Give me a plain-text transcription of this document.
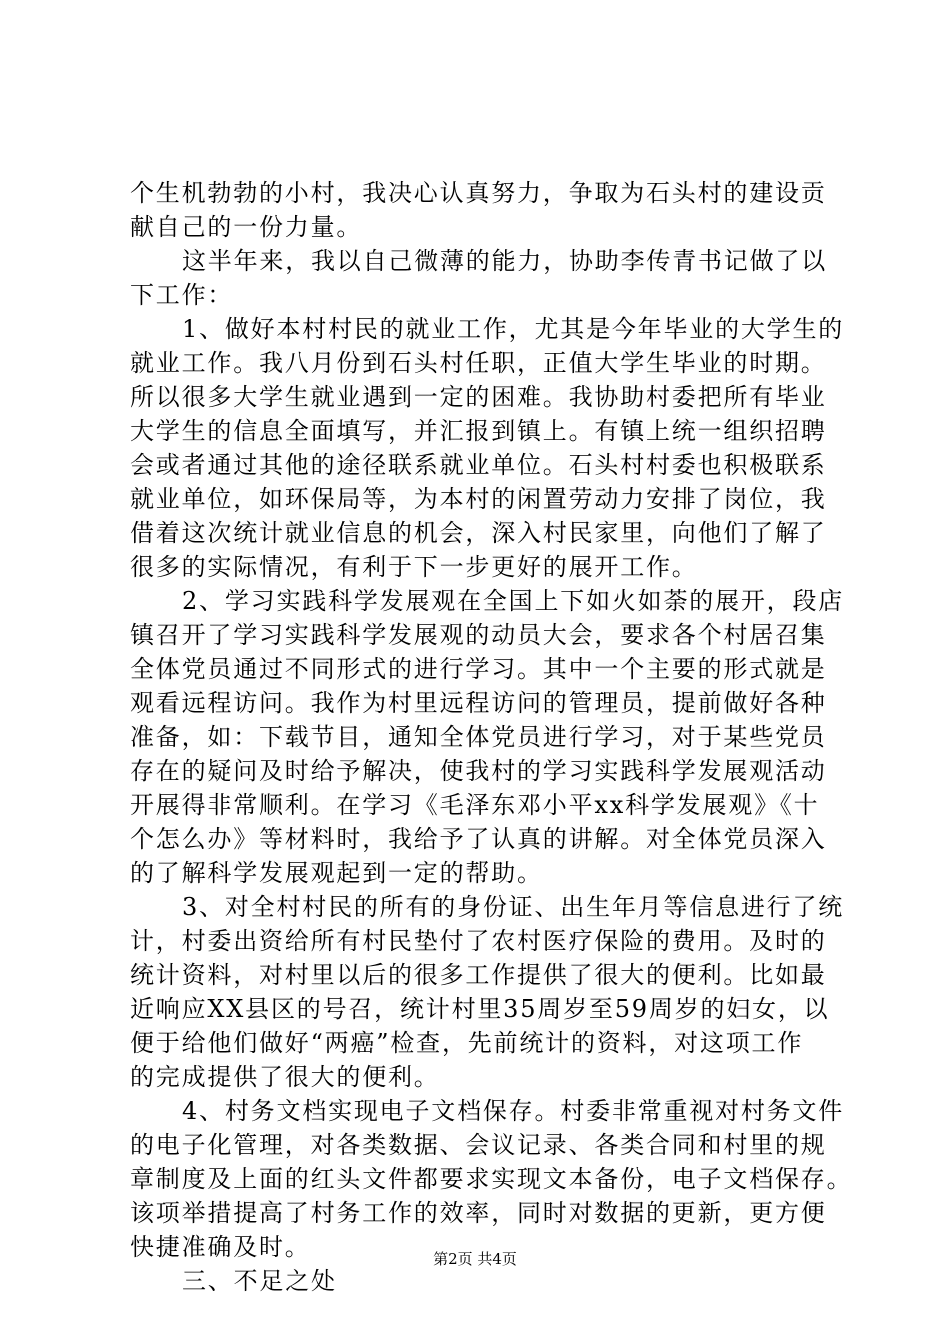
个生机勃勃的小村，我决心认真努力，争取为石头村的建设贡
献自己的一份力量。
这半年来，我以自己微薄的能力，协助李传青书记做了以
下工作：
1、做好本村村民的就业工作，尤其是今年毕业的大学生的
就业工作。我八月份到石头村任职，正值大学生毕业的时期。
所以很多大学生就业遇到一定的困难。我协助村委把所有毕业
大学生的信息全面填写，并汇报到镇上。有镇上统一组织招聘
会或者通过其他的途径联系就业单位。石头村村委也积极联系
就业单位，如环保局等，为本村的闲置劳动力安排了岗位，我
借着这次统计就业信息的机会，深入村民家里，向他们了解了
很多的实际情况，有利于下一步更好的展开工作。
2、学习实践科学发展观在全国上下如火如荼的展开，段店
镇召开了学习实践科学发展观的动员大会，要求各个村居召集
全体党员通过不同形式的进行学习。其中一个主要的形式就是
观看远程访问。我作为村里远程访问的管理员，提前做好各种
准备，如：下载节目，通知全体党员进行学习，对于某些党员
存在的疑问及时给予解决，使我村的学习实践科学发展观活动
开展得非常顺利。在学习《毛泽东邓小平xx科学发展观》《十
个怎么办》等材料时，我给予了认真的讲解。对全体党员深入
的了解科学发展观起到一定的帮助。
3、对全村村民的所有的身份证、出生年月等信息进行了统
计，村委出资给所有村民垫付了农村医疗保险的费用。及时的
统计资料，对村里以后的很多工作提供了很大的便利。比如最
近响应XX县区的号召，统计村里35周岁至59周岁的妇女，以
便于给他们做好“两癌”检查，先前统计的资料，对这项工作
的完成提供了很大的便利。
4、村务文档实现电子文档保存。村委非常重视对村务文件
的电子化管理，对各类数据、会议记录、各类合同和村里的规
章制度及上面的红头文件都要求实现文本备份，电子文档保存。
该项举措提高了村务工作的效率，同时对数据的更新，更方便
快捷准确及时。
三、不足之处
第2页 共4页
